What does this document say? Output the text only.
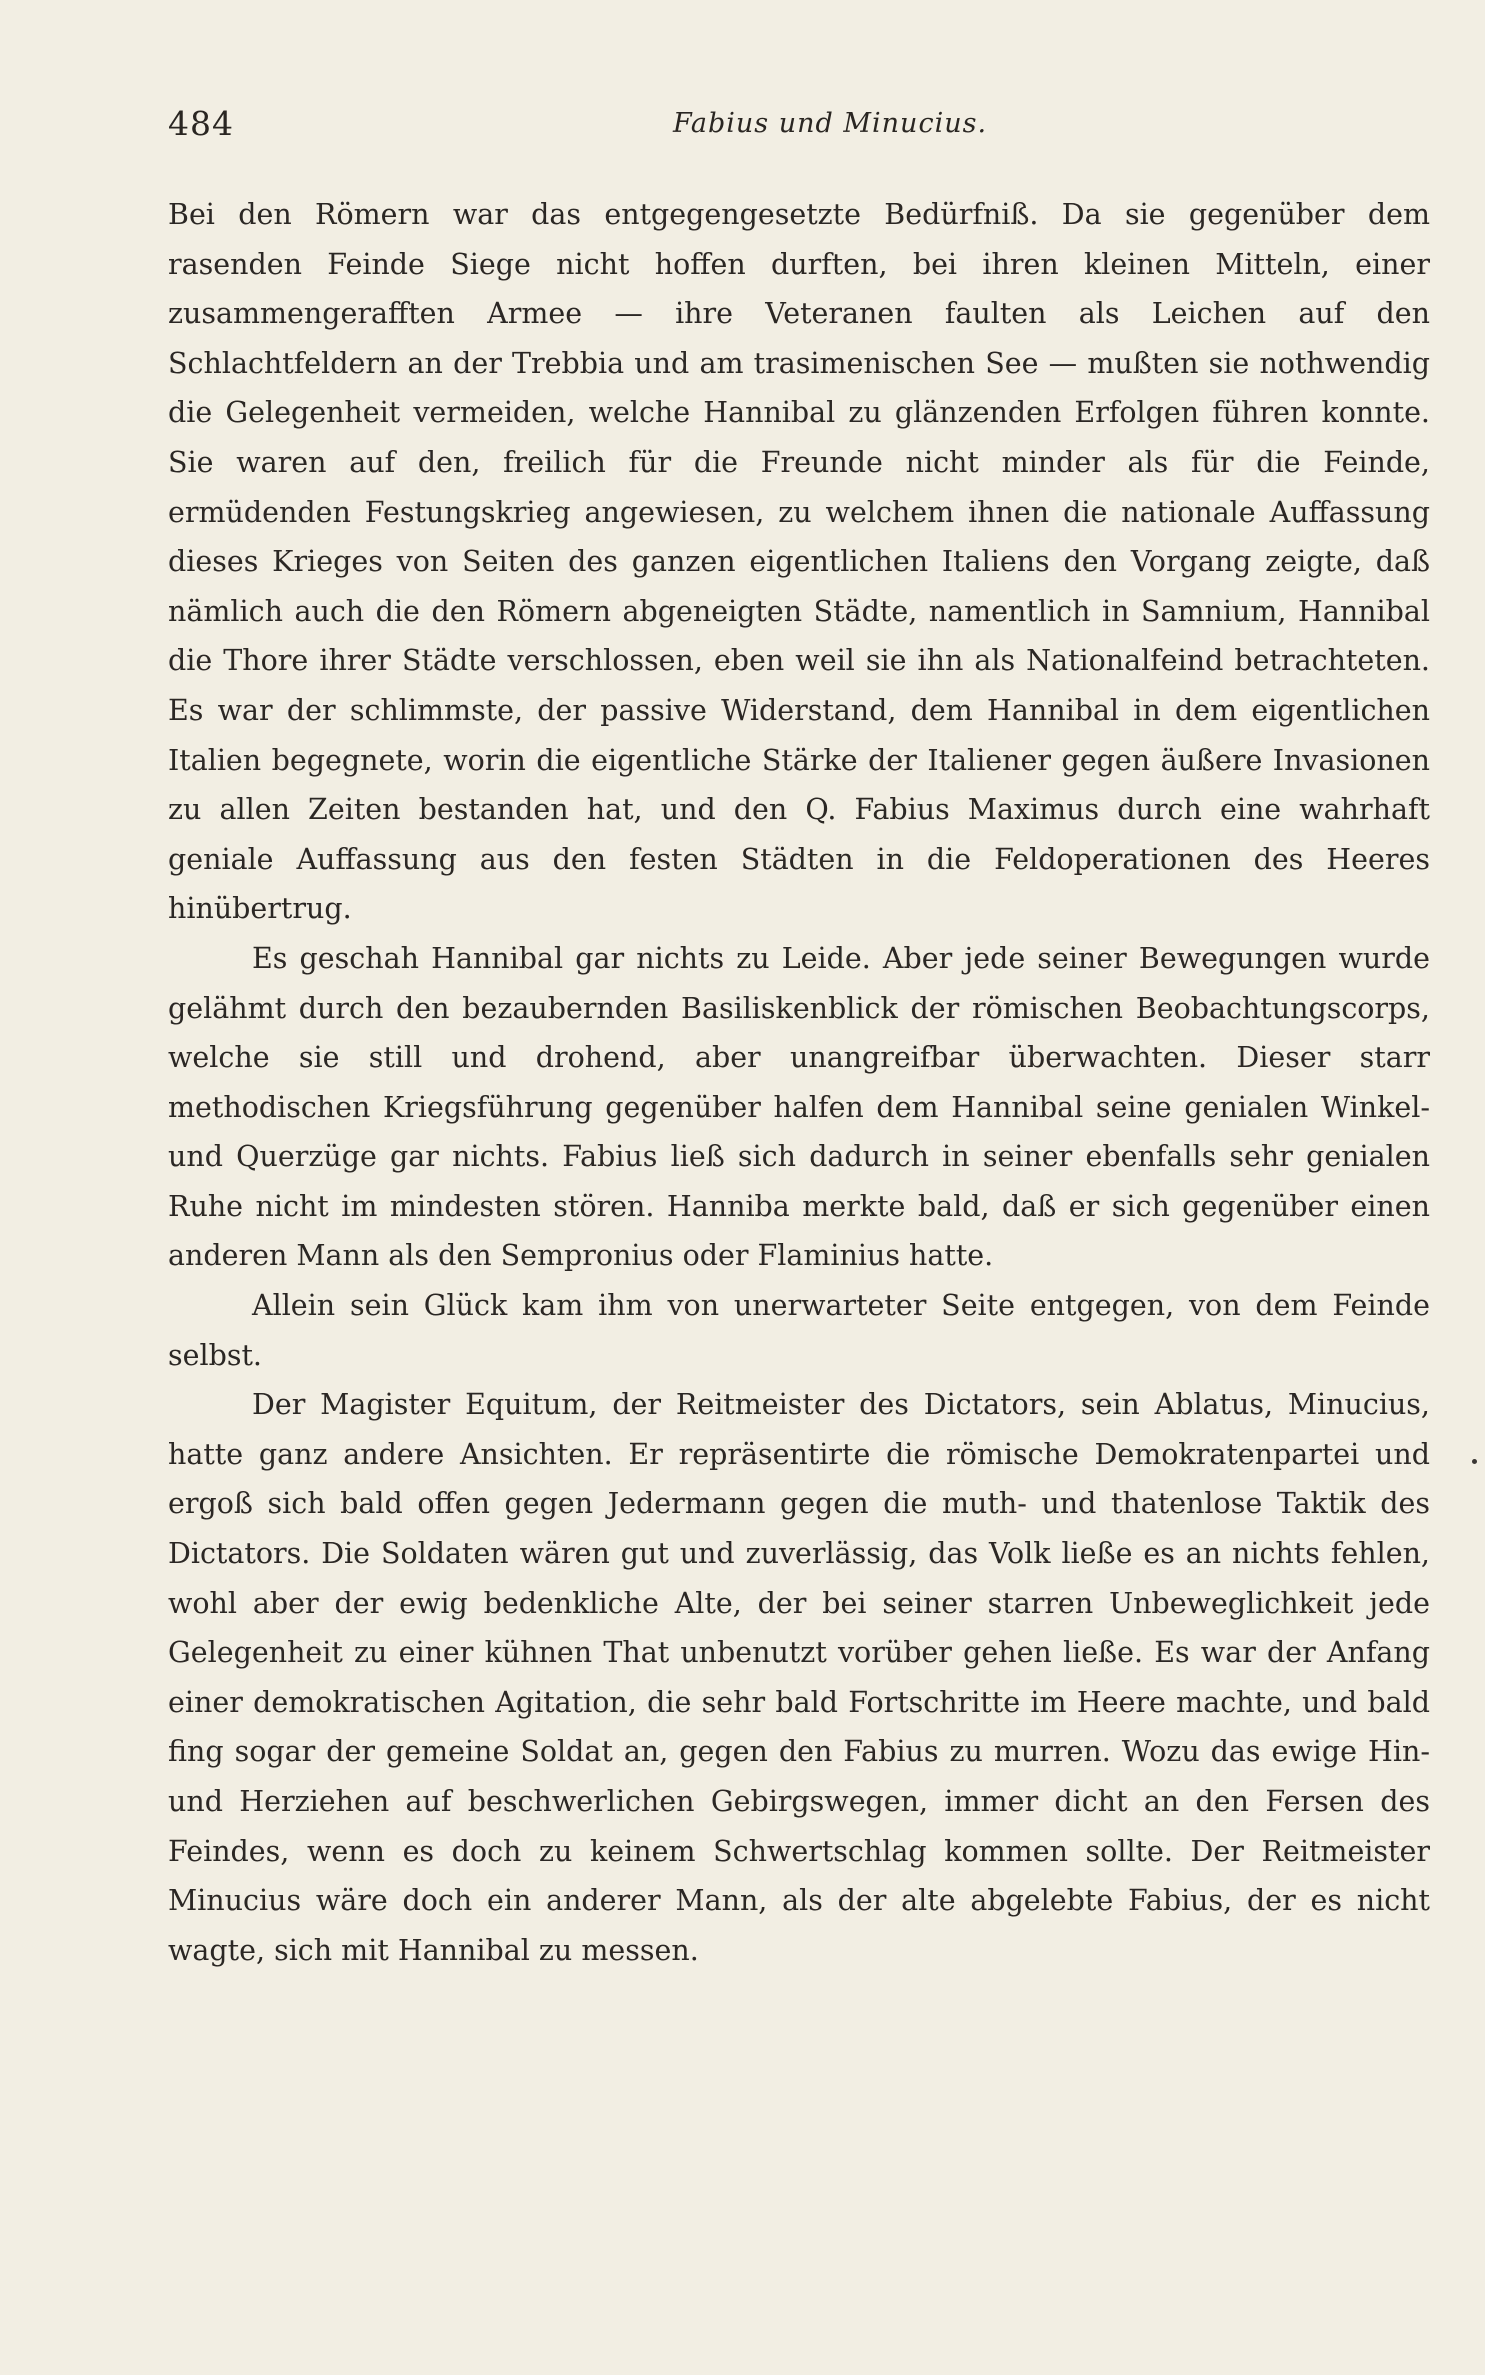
484	Fabius und Minucius.

Bei den Römern war das entgegengesetzte Bedürfniß. Da sie gegenüber dem rasenden Feinde Siege nicht hoffen durften, bei ihren kleinen Mitteln, einer zusammengerafften Armee — ihre Veteranen faulten als Leichen auf den Schlachtfeldern an der Trebbia und am trasimenischen See — mußten sie nothwendig die Gelegenheit vermeiden, welche Hannibal zu glänzenden Erfolgen führen konnte. Sie waren auf den, freilich für die Freunde nicht minder als für die Feinde, ermüdenden Festungskrieg angewiesen, zu welchem ihnen die nationale Auffassung dieses Krieges von Seiten des ganzen eigentlichen Italiens den Vorgang zeigte, daß nämlich auch die den Römern abgeneigten Städte, namentlich in Samnium, Hannibal die Thore ihrer Städte verschlossen, eben weil sie ihn als Nationalfeind betrachteten. Es war der schlimmste, der passive Widerstand, dem Hannibal in dem eigentlichen Italien begegnete, worin die eigentliche Stärke der Italiener gegen äußere Invasionen zu allen Zeiten bestanden hat, und den Q. Fabius Maximus durch eine wahrhaft geniale Auffassung aus den festen Städten in die Feldoperationen des Heeres hinübertrug.

Es geschah Hannibal gar nichts zu Leide. Aber jede seiner Bewegungen wurde gelähmt durch den bezaubernden Basiliskenblick der römischen Beobachtungscorps, welche sie still und drohend, aber unangreifbar überwachten. Dieser starr methodischen Kriegsführung gegenüber halfen dem Hannibal seine genialen Winkel- und Querzüge gar nichts. Fabius ließ sich dadurch in seiner ebenfalls sehr genialen Ruhe nicht im mindesten stören. Hanniba merkte bald, daß er sich gegenüber einen anderen Mann als den Sempronius oder Flaminius hatte.

Allein sein Glück kam ihm von unerwarteter Seite entgegen, von dem Feinde selbst.

Der Magister Equitum, der Reitmeister des Dictators, sein Ablatus, Minucius, hatte ganz andere Ansichten. Er repräsentirte die römische Demokratenpartei und ergoß sich bald offen gegen Jedermann gegen die muth- und thatenlose Taktik des Dictators. Die Soldaten wären gut und zuverlässig, das Volk ließe es an nichts fehlen, wohl aber der ewig bedenkliche Alte, der bei seiner starren Unbeweglichkeit jede Gelegenheit zu einer kühnen That unbenutzt vorüber gehen ließe. Es war der Anfang einer demokratischen Agitation, die sehr bald Fortschritte im Heere machte, und bald fing sogar der gemeine Soldat an, gegen den Fabius zu murren. Wozu das ewige Hin- und Herziehen auf beschwerlichen Gebirgswegen, immer dicht an den Fersen des Feindes, wenn es doch zu keinem Schwertschlag kommen sollte. Der Reitmeister Minucius wäre doch ein anderer Mann, als der alte abgelebte Fabius, der es nicht wagte, sich mit Hannibal zu messen.
